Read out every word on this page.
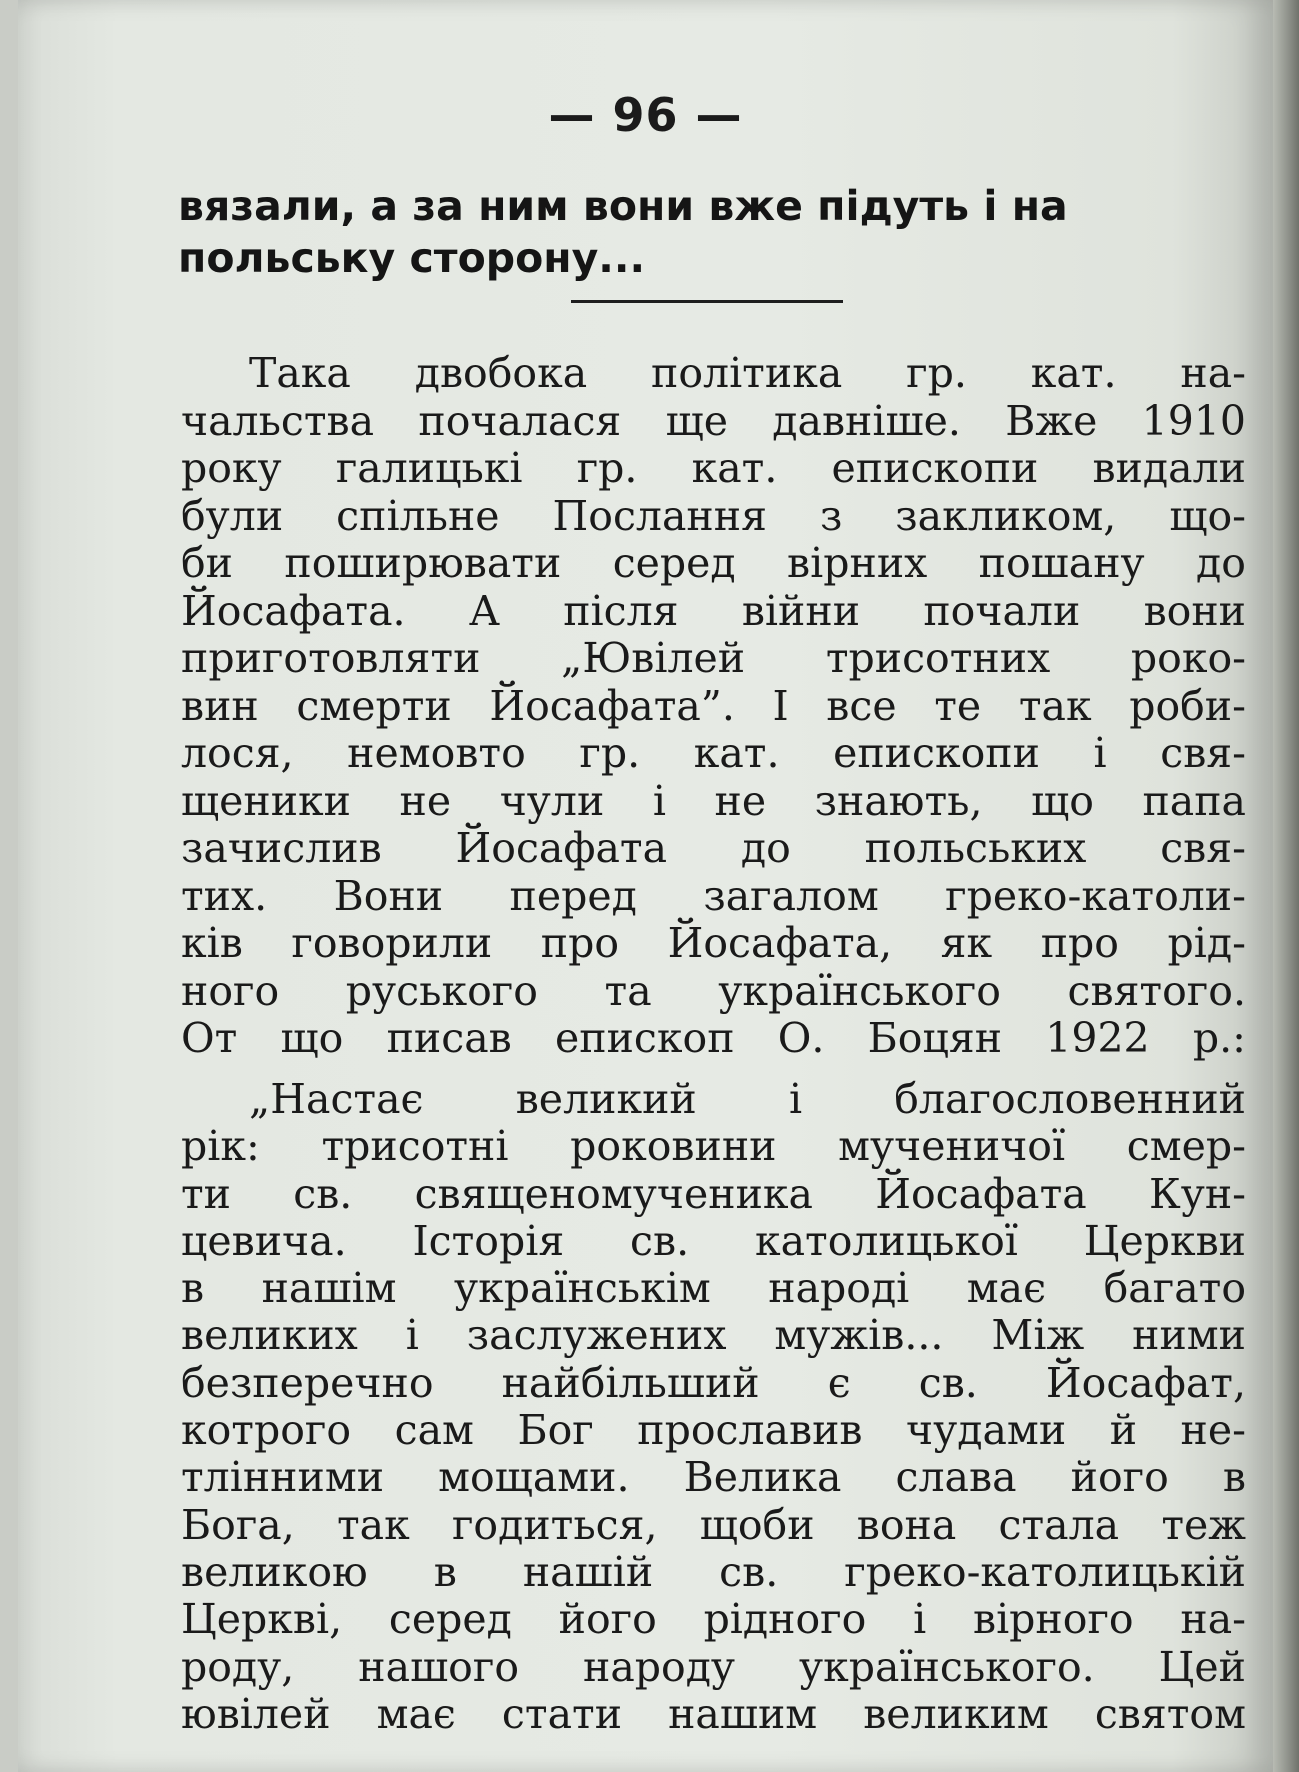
— 96 —
вязали, а за ним вони вже підуть і на
польську сторону...
Така двобока політика гр. кат. на-
чальства почалася ще давніше. Вже 1910
року галицькі гр. кат. епископи видали
були спільне Послання з закликом, що-
би поширювати серед вірних пошану до
Йосафата. А після війни почали вони
приготовляти „Ювілей трисотних роко-
вин смерти Йосафата”. І все те так роби-
лося, немовто гр. кат. епископи і свя-
щеники не чули і не знають, що папа
зачислив Йосафата до польських свя-
тих. Вони перед загалом греко-католи-
ків говорили про Йосафата, як про рід-
ного руського та українського святого.
От що писав епископ О. Боцян 1922 р.:
„Настає великий і благословенний
рік: трисотні роковини мученичої смер-
ти св. священомученика Йосафата Кун-
цевича. Історія св. католицької Церкви
в нашім українськім народі має багато
великих і заслужених мужів... Між ними
безперечно найбільший є св. Йосафат,
котрого сам Бог прославив чудами й не-
тлінними мощами. Велика слава його в
Бога, так годиться, щоби вона стала теж
великою в нашій св. греко-католицькій
Церкві, серед його рідного і вірного на-
роду, нашого народу українського. Цей
ювілей має стати нашим великим святом
